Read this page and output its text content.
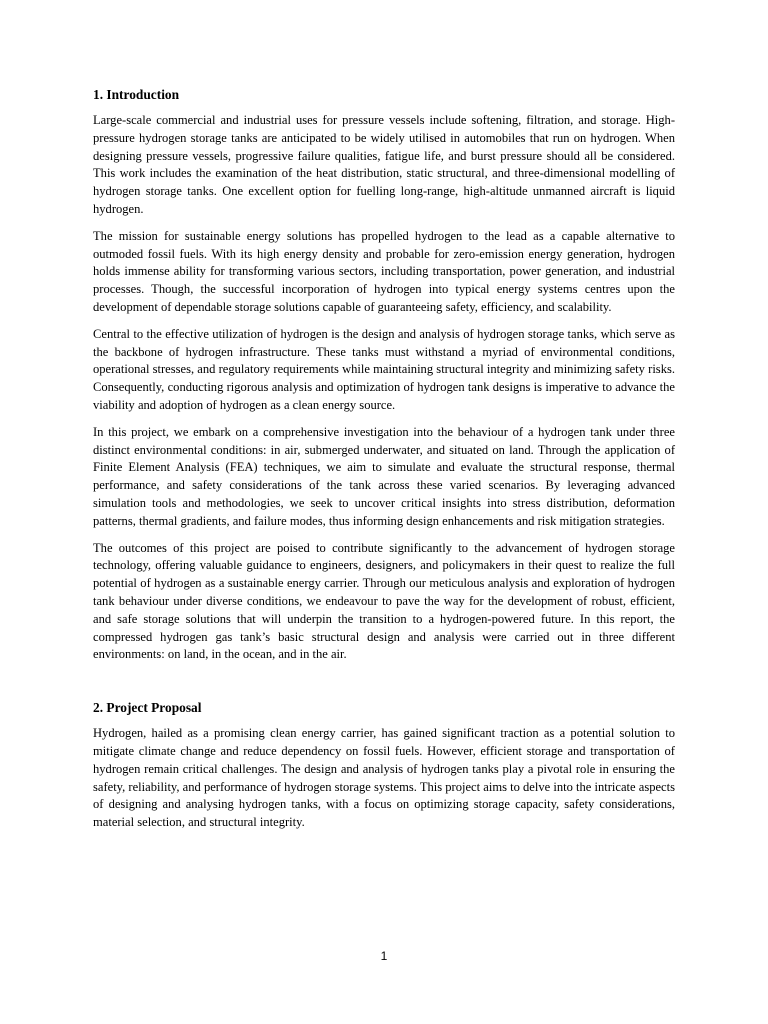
1. Introduction

Large-scale commercial and industrial uses for pressure vessels include softening, filtration, and storage. High-pressure hydrogen storage tanks are anticipated to be widely utilised in automobiles that run on hydrogen. When designing pressure vessels, progressive failure qualities, fatigue life, and burst pressure should all be considered. This work includes the examination of the heat distribution, static structural, and three-dimensional modelling of hydrogen storage tanks. One excellent option for fuelling long-range, high-altitude unmanned aircraft is liquid hydrogen.

The mission for sustainable energy solutions has propelled hydrogen to the lead as a capable alternative to outmoded fossil fuels. With its high energy density and probable for zero-emission energy generation, hydrogen holds immense ability for transforming various sectors, including transportation, power generation, and industrial processes. Though, the successful incorporation of hydrogen into typical energy systems centres upon the development of dependable storage solutions capable of guaranteeing safety, efficiency, and scalability.

Central to the effective utilization of hydrogen is the design and analysis of hydrogen storage tanks, which serve as the backbone of hydrogen infrastructure. These tanks must withstand a myriad of environmental conditions, operational stresses, and regulatory requirements while maintaining structural integrity and minimizing safety risks. Consequently, conducting rigorous analysis and optimization of hydrogen tank designs is imperative to advance the viability and adoption of hydrogen as a clean energy source.

In this project, we embark on a comprehensive investigation into the behaviour of a hydrogen tank under three distinct environmental conditions: in air, submerged underwater, and situated on land. Through the application of Finite Element Analysis (FEA) techniques, we aim to simulate and evaluate the structural response, thermal performance, and safety considerations of the tank across these varied scenarios. By leveraging advanced simulation tools and methodologies, we seek to uncover critical insights into stress distribution, deformation patterns, thermal gradients, and failure modes, thus informing design enhancements and risk mitigation strategies.

The outcomes of this project are poised to contribute significantly to the advancement of hydrogen storage technology, offering valuable guidance to engineers, designers, and policymakers in their quest to realize the full potential of hydrogen as a sustainable energy carrier. Through our meticulous analysis and exploration of hydrogen tank behaviour under diverse conditions, we endeavour to pave the way for the development of robust, efficient, and safe storage solutions that will underpin the transition to a hydrogen-powered future. In this report, the compressed hydrogen gas tank’s basic structural design and analysis were carried out in three different environments: on land, in the ocean, and in the air.

2. Project Proposal

Hydrogen, hailed as a promising clean energy carrier, has gained significant traction as a potential solution to mitigate climate change and reduce dependency on fossil fuels. However, efficient storage and transportation of hydrogen remain critical challenges. The design and analysis of hydrogen tanks play a pivotal role in ensuring the safety, reliability, and performance of hydrogen storage systems. This project aims to delve into the intricate aspects of designing and analysing hydrogen tanks, with a focus on optimizing storage capacity, safety considerations, material selection, and structural integrity.

1
